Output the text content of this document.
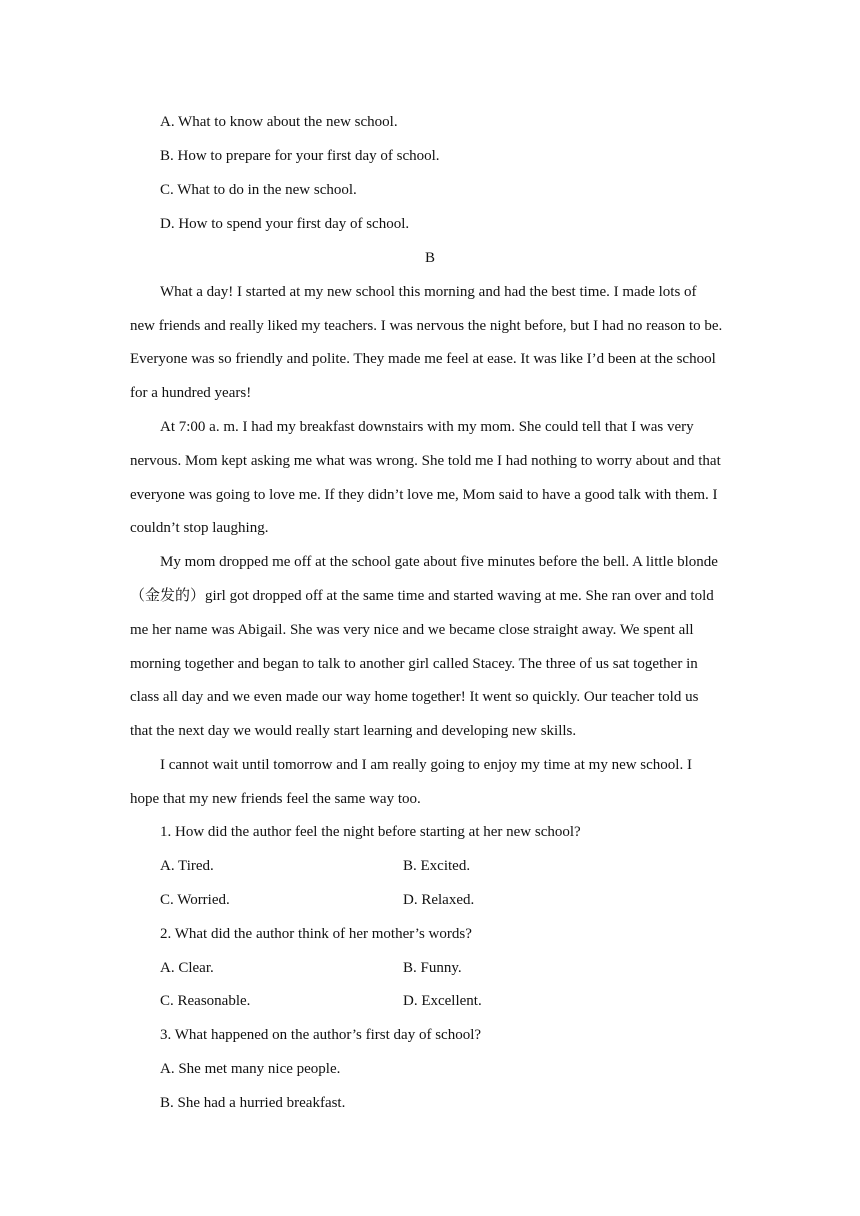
A. What to know about the new school.
B. How to prepare for your first day of school.
C. What to do in the new school.
D. How to spend your first day of school.
B
What a day! I started at my new school this morning and had the best time. I made lots of
new friends and really liked my teachers. I was nervous the night before, but I had no reason to be.
Everyone was so friendly and polite. They made me feel at ease. It was like I’d been at the school
for a hundred years!
At 7:00 a. m. I had my breakfast downstairs with my mom. She could tell that I was very
nervous. Mom kept asking me what was wrong. She told me I had nothing to worry about and that
everyone was going to love me. If they didn’t love me, Mom said to have a good talk with them. I
couldn’t stop laughing.
My mom dropped me off at the school gate about five minutes before the bell. A little blonde
（金发的）girl got dropped off at the same time and started waving at me. She ran over and told
me her name was Abigail. She was very nice and we became close straight away. We spent all
morning together and began to talk to another girl called Stacey. The three of us sat together in
class all day and we even made our way home together! It went so quickly. Our teacher told us
that the next day we would really start learning and developing new skills.
I cannot wait until tomorrow and I am really going to enjoy my time at my new school. I
hope that my new friends feel the same way too.
1. How did the author feel the night before starting at her new school?
A. Tired.	B. Excited.
C. Worried.	D. Relaxed.
2. What did the author think of her mother’s words?
A. Clear.	B. Funny.
C. Reasonable.	D. Excellent.
3. What happened on the author’s first day of school?
A. She met many nice people.
B. She had a hurried breakfast.
